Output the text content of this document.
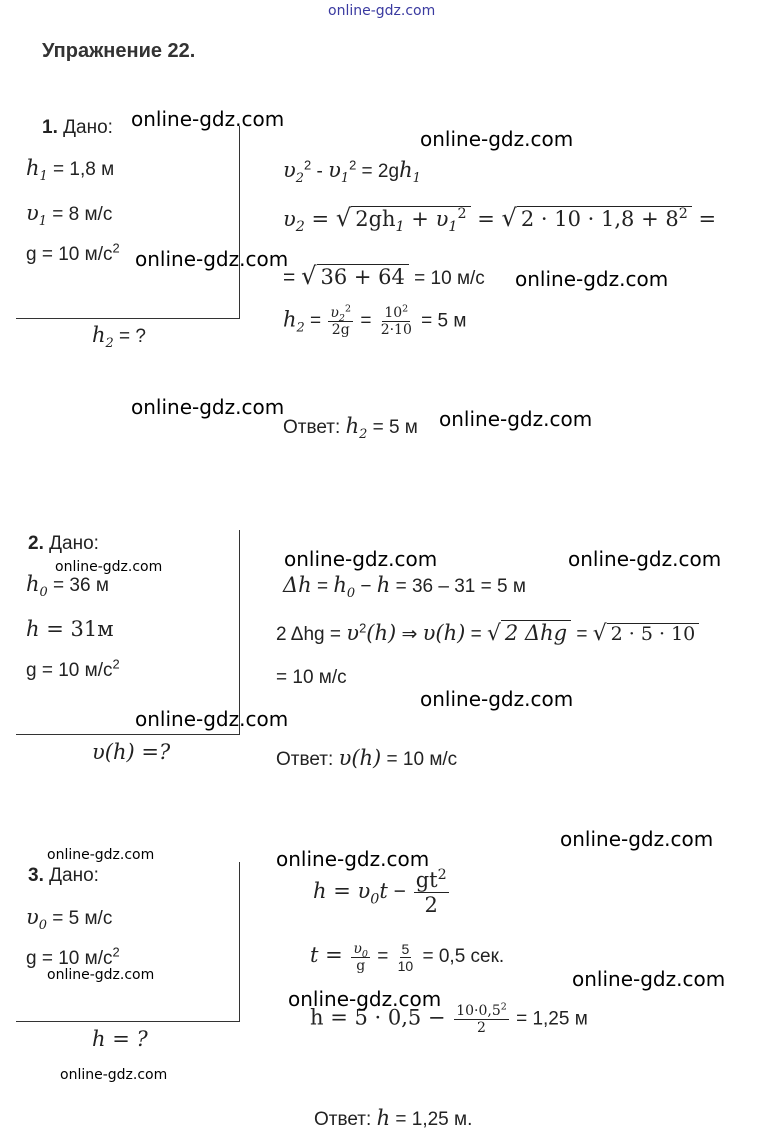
online-gdz.com
Упражнение 22.
1. Дано:
$h_1 = 1,8$ м
$\upsilon_1 = 8$ м/с
g = 10 $м/с^2$
$h_2$ = ?
$\upsilon_2^2 - \upsilon_1^2 = 2gh_1$
$\upsilon_2$ = √ $2gh_1 + \upsilon_1^2$ = √ $2 \cdot 10 \cdot 1,8 + 8^2$ =
= √ 36 + 64 = 10 м/с
$h_2 = \frac{\upsilon_2^2}{2g} = \frac{10^2}{2\cdot 10} = 5$ м
Ответ: $h_2 = 5$ м
2. Дано:
$h_0 = 36$ м
h = 31м
g = 10 $м/с^2$
υ(h) =?
$\Delta h = h_0 - h = 36 - 31 = 5$ м
2 $\Delta hg = \upsilon^2(h)$ ⇒ υ(h) = √ 2 Δhg = √ 2 · 5 · 10
= 10 м/с
Ответ: υ(h) = 10 м/с
3. Дано:
$\upsilon_0 = 5$ м/с
g = 10 $м/с^2$
h = ?
$h = \upsilon_0t - \frac{gt^2}{2}$
$t = \frac{\upsilon_0}{g} = \frac{5}{10} = 0,5$ сек.
$h = 5 \cdot 0,5 - \frac{10\cdot 0,5^2}{2} = 1,25$ м
Ответ: h = 1,25 м.
online-gdz.com
online-gdz.com
online-gdz.com
online-gdz.com
online-gdz.com	online-gdz.com
online-gdz.com	online-gdz.com
online-gdz.com
online-gdz.com
online-gdz.com
online-gdz.com
online-gdz.com	online-gdz.com
online-gdz.com	online-gdz.com
online-gdz.com
online-gdz.com
